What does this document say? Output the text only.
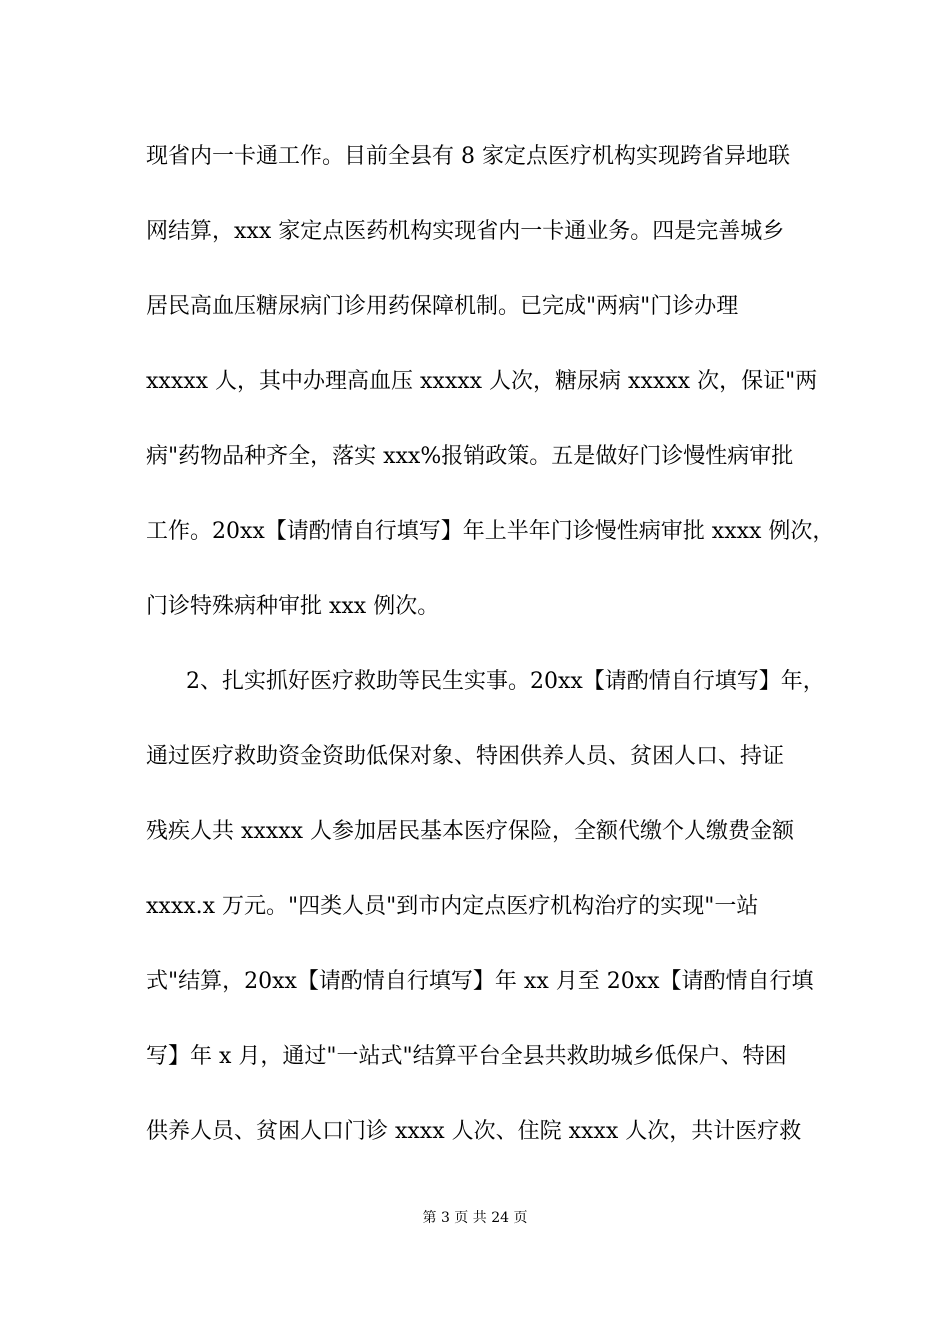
现省内一卡通工作。目前全县有 8 家定点医疗机构实现跨省异地联
网结算，xxx 家定点医药机构实现省内一卡通业务。四是完善城乡
居民高血压糖尿病门诊用药保障机制。已完成"两病"门诊办理
xxxxx 人，其中办理高血压 xxxxx 人次，糖尿病 xxxxx 次，保证"两
病"药物品种齐全，落实 xxx%报销政策。五是做好门诊慢性病审批
工作。20xx【请酌情自行填写】年上半年门诊慢性病审批 xxxx 例次，
门诊特殊病种审批 xxx 例次。
2、扎实抓好医疗救助等民生实事。20xx【请酌情自行填写】年，
通过医疗救助资金资助低保对象、特困供养人员、贫困人口、持证
残疾人共 xxxxx 人参加居民基本医疗保险，全额代缴个人缴费金额
xxxx.x 万元。"四类人员"到市内定点医疗机构治疗的实现"一站
式"结算，20xx【请酌情自行填写】年 xx 月至 20xx【请酌情自行填
写】年 x 月，通过"一站式"结算平台全县共救助城乡低保户、特困
供养人员、贫困人口门诊 xxxx 人次、住院 xxxx 人次，共计医疗救
第 3 页 共 24 页
